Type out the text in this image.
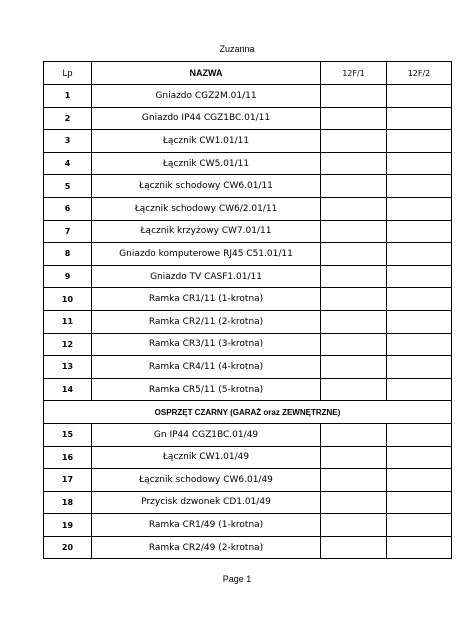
Zuzanna
Lp	NAZWA	12F/1	12F/2
1	Gniazdo CGZ2M.01/11		
2	Gniazdo IP44 CGZ1BC.01/11		
3	Łącznik CW1.01/11		
4	Łącznik CW5.01/11		
5	Łącznik schodowy CW6.01/11		
6	Łącznik schodowy CW6/2.01/11		
7	Łącznik krzyżowy CW7.01/11		
8	Gniazdo komputerowe RJ45 C51.01/11		
9	Gniazdo TV CASF1.01/11		
10	Ramka CR1/11 (1-krotna)		
11	Ramka CR2/11 (2-krotna)		
12	Ramka CR3/11 (3-krotna)		
13	Ramka CR4/11 (4-krotna)		
14	Ramka CR5/11 (5-krotna)		
OSPRZĘT CZARNY (GARAŻ oraz ZEWNĘTRZNE)			
15	Gn IP44 CGZ1BC.01/49		
16	Łącznik CW1.01/49		
17	Łącznik schodowy CW6.01/49		
18	Przycisk dzwonek CD1.01/49		
19	Ramka CR1/49 (1-krotna)		
20	Ramka CR2/49 (2-krotna)		
Page 1
